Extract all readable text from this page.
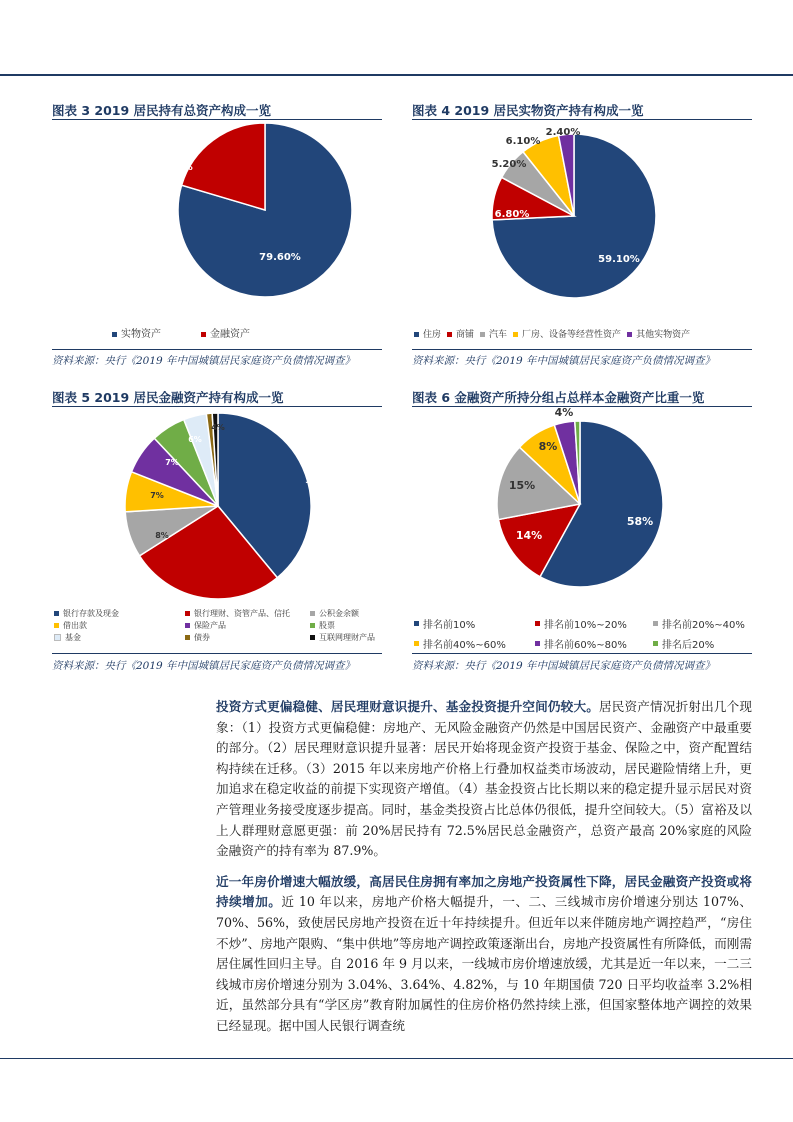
图表 3 2019 居民持有总资产构成一览
79.60%
20.40%
实物资产	金融资产
资料来源：央行《2019 年中国城镇居民家庭资产负债情况调查》
图表 4 2019 居民实物资产持有构成一览
59.10%
6.80%
5.20%
6.10%
2.40%
住房	商铺	汽车	厂房、设备等经营性资产	其他实物资产
资料来源：央行《2019 年中国城镇居民家庭资产负债情况调查》
图表 5 2019 居民金融资产持有构成一览
39%
27%
8%
7%
7%
6%
4%
银行存款及现金	银行理财、资管产品、信托	公积金余额
借出款	保险产品	股票
基金	债券	互联网理财产品
资料来源：央行《2019 年中国城镇居民家庭资产负债情况调查》
图表 6 金融资产所持分组占总样本金融资产比重一览
58%
14%
15%
8%
4%
排名前10%	排名前10%~20%	排名前20%~40%
排名前40%~60%	排名前60%~80%	排名后20%
资料来源：央行《2019 年中国城镇居民家庭资产负债情况调查》

投资方式更偏稳健、居民理财意识提升、基金投资提升空间仍较大。居民资产情况折射出几个现象：（1）投资方式更偏稳健：房地产、无风险金融资产仍然是中国居民资产、金融资产中最重要的部分。（2）居民理财意识提升显著：居民开始将现金资产投资于基金、保险之中，资产配置结构持续在迁移。（3）2015 年以来房地产价格上行叠加权益类市场波动，居民避险情绪上升，更加追求在稳定收益的前提下实现资产增值。（4）基金投资占比长期以来的稳定提升显示居民对资产管理业务接受度逐步提高。同时，基金类投资占比总体仍很低，提升空间较大。（5）富裕及以上人群理财意愿更强：前 20%居民持有 72.5%居民总金融资产，总资产最高 20%家庭的风险金融资产的持有率为 87.9%。

近一年房价增速大幅放缓，高居民住房拥有率加之房地产投资属性下降，居民金融资产投资或将持续增加。近 10 年以来，房地产价格大幅提升，一、二、三线城市房价增速分别达 107%、70%、56%，致使居民房地产投资在近十年持续提升。但近年以来伴随房地产调控趋严，“房住不炒”、房地产限购、“集中供地”等房地产调控政策逐渐出台，房地产投资属性有所降低，而刚需居住属性回归主导。自 2016 年 9 月以来，一线城市房价增速放缓，尤其是近一年以来，一二三线城市房价增速分别为 3.04%、3.64%、4.82%，与 10 年期国债 720 日平均收益率 3.2%相近，虽然部分具有“学区房”教育附加属性的住房价格仍然持续上涨，但国家整体地产调控的效果已经显现。据中国人民银行调查统
